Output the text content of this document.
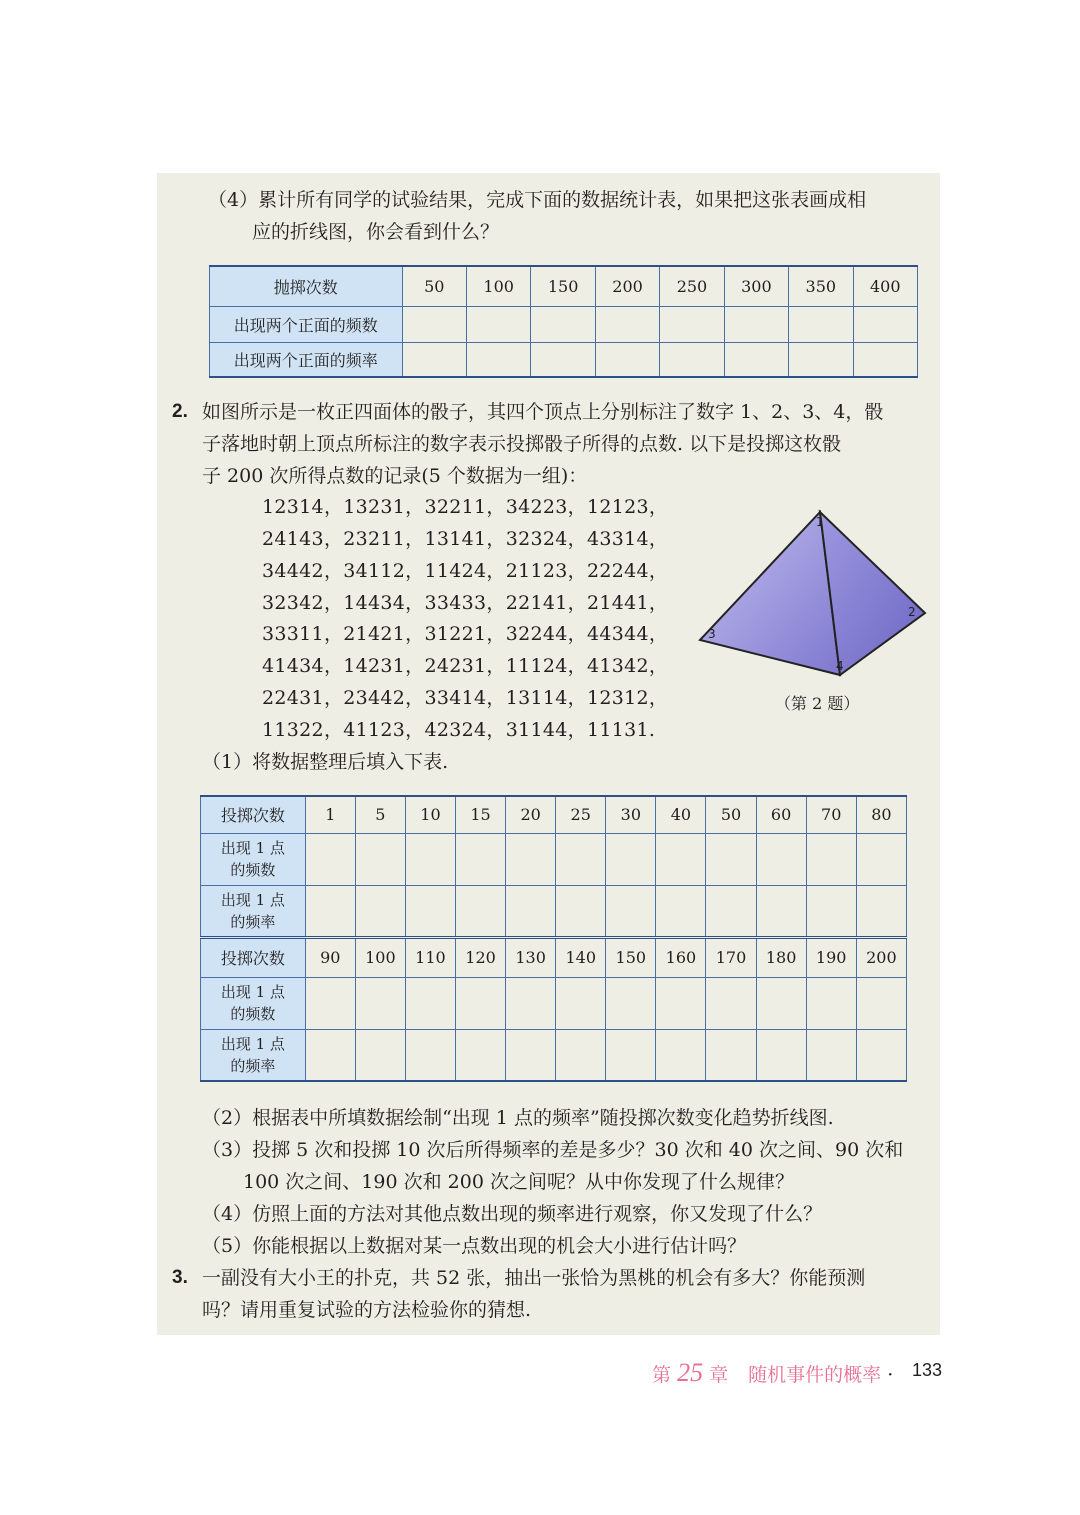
（4）累计所有同学的试验结果，完成下面的数据统计表，如果把这张表画成相
应的折线图，你会看到什么？
抛掷次数	50	100	150	200	250	300	350	400
出现两个正面的频数								
出现两个正面的频率								
2. 如图所示是一枚正四面体的骰子，其四个顶点上分别标注了数字 1、2、3、4，骰
子落地时朝上顶点所标注的数字表示投掷骰子所得的点数. 以下是投掷这枚骰
子 200 次所得点数的记录(5 个数据为一组)：
12314，13231，32211，34223，12123，
24143，23211，13141，32324，43314，
34442，34112，11424，21123，22244，
32342，14434，33433，22141，21441，
33311，21421，31221，32244，44344，
41434，14231，24231，11124，41342，
22431，23442，33414，13114，12312，
11322，41123，42324，31144，11131.
1
2
3
4
（第 2 题）
（1）将数据整理后填入下表.
投掷次数	1	5	10	15	20	25	30	40	50	60	70	80

出现 1 点
的频数												

出现 1 点
的频率												

投掷次数	90	100	110	120	130	140	150	160	170	180	190	200

出现 1 点
的频数												

出现 1 点
的频率												

（2）根据表中所填数据绘制“出现 1 点的频率”随投掷次数变化趋势折线图.
（3）投掷 5 次和投掷 10 次后所得频率的差是多少？30 次和 40 次之间、90 次和
100 次之间、190 次和 200 次之间呢？从中你发现了什么规律？
（4）仿照上面的方法对其他点数出现的频率进行观察，你又发现了什么？
（5）你能根据以上数据对某一点数出现的机会大小进行估计吗？
3. 一副没有大小王的扑克，共 52 张，抽出一张恰为黑桃的机会有多大？你能预测
吗？请用重复试验的方法检验你的猜想.
第 25 章 随机事件的概率 · 133
